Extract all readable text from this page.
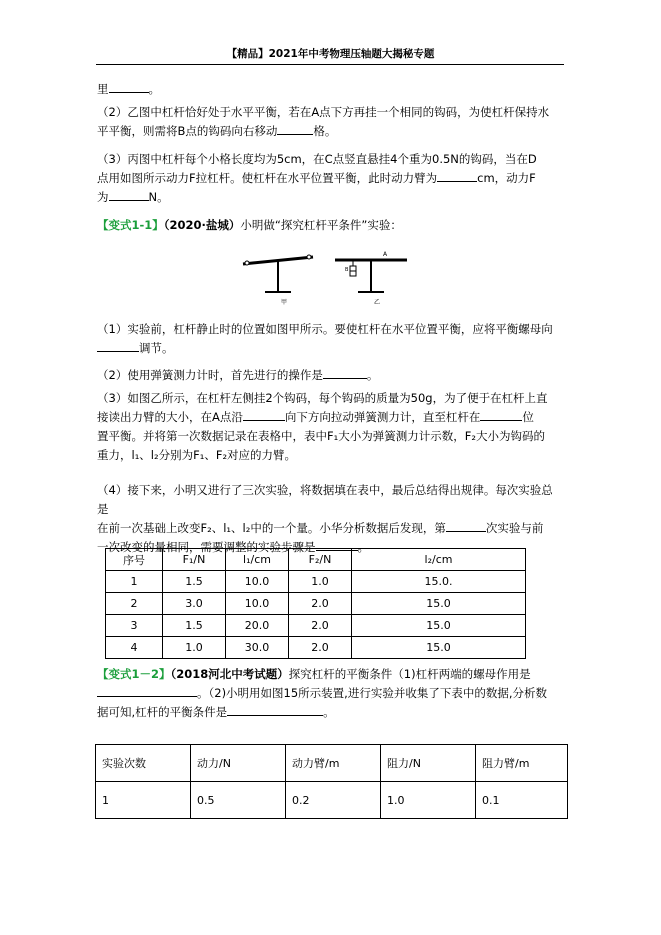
【精品】2021年中考物理压轴题大揭秘专题
里	。
（2）乙图中杠杆恰好处于水平平衡，若在A点下方再挂一个相同的钩码，为使杠杆保持水
平平衡，则需将B点的钩码向右移动	格。
（3）丙图中杠杆每个小格长度均为5cm，在C点竖直悬挂4个重为0.5N的钩码，当在D
点用如图所示动力F拉杠杆。使杠杆在水平位置平衡，此时动力臂为	cm，动力F
为	N。
【变式1-1】（2020·盐城）小明做“探究杠杆平条件”实验：
甲
A
B
乙
（1）实验前，杠杆静止时的位置如图甲所示。要使杠杆在水平位置平衡，应将平衡螺母向
调节。
（2）使用弹簧测力计时，首先进行的操作是	。
（3）如图乙所示，在杠杆左侧挂2个钩码，每个钩码的质量为50g，为了便于在杠杆上直
接读出力臂的大小，在A点沿	向下方向拉动弹簧测力计，直至杠杆在	位
置平衡。并将第一次数据记录在表格中，表中F₁大小为弹簧测力计示数，F₂大小为钩码的
重力，l₁、l₂分别为F₁、F₂对应的力臂。
（4）接下来，小明又进行了三次实验，将数据填在表中，最后总结得出规律。每次实验总是
在前一次基础上改变F₂、l₁、l₂中的一个量。小华分析数据后发现，第	次实验与前
一次改变的量相同，需要调整的实验步骤是	。
序号	F₁/N	l₁/cm	F₂/N	l₂/cm
1	1.5	10.0	1.0	15.0.
2	3.0	10.0	2.0	15.0
3	1.5	20.0	2.0	15.0
4	1.0	30.0	2.0	15.0
【变式1－2】（2018河北中考试题）探究杠杆的平衡条件（1)杠杆两端的螺母作用是
。（2)小明用如图15所示装置,进行实验并收集了下表中的数据,分析数
据可知,杠杆的平衡条件是	。
实验次数	动力/N	动力臂/m	阻力/N	阻力臂/m
1	0.5	0.2	1.0	0.1
